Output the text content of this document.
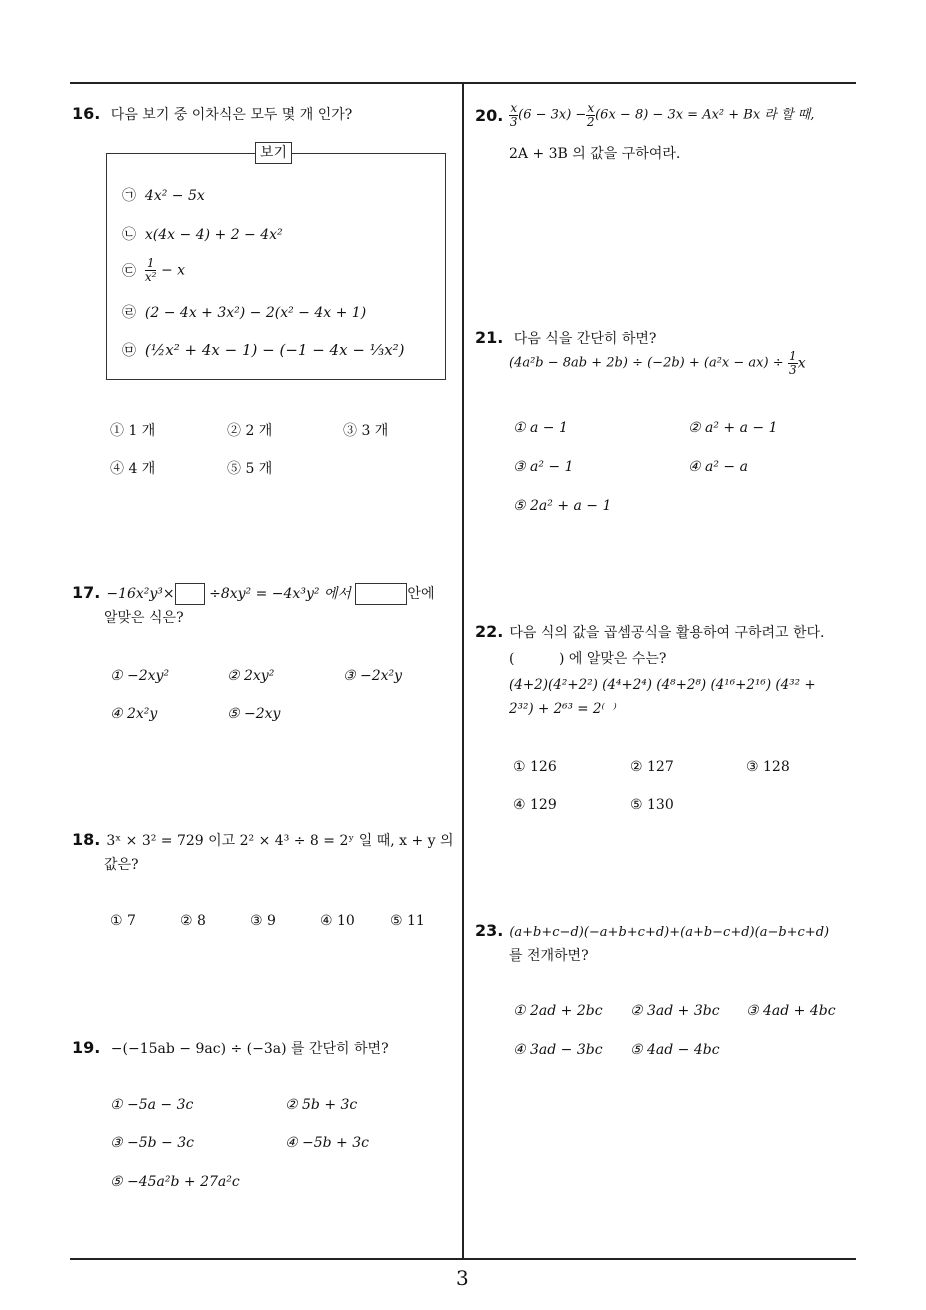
16. 다음 보기 중 이차식은 모두 몇 개 인가?
보기
㉠ 4x² − 5x
㉡ x(4x − 4) + 2 − 4x²
㉢ $\frac{1}{\text{x²}} - x$
㉣ (2 − 4x + 3x²) − 2(x² − 4x + 1)
㉤ (½x² + 4x − 1) − (−1 − 4x − ⅓x²)
① 1 개	② 2 개	③ 3 개
④ 4 개	⑤ 5 개
17. −16x²y³× ÷8xy² = −4x³y² 에서	안에
알맞은 식은?
① −2xy²	② 2xy²	③ −2x²y
④ 2x²y	⑤ −2xy
18. 3ˣ × 3² = 729 이고 2² × 4³ ÷ 8 = 2ʸ 일 때, x + y 의
값은?
① 7	② 8	③ 9	④ 10	⑤ 11
19. −(−15ab − 9ac) ÷ (−3a) 를 간단히 하면?
① −5a − 3c	② 5b + 3c
③ −5b − 3c	④ −5b + 3c
⑤ −45a²b + 27a²c
20. $\frac{x}{3} (6 - 3x) - \frac{x}{2} (6x - 8) - 3x = Ax^2 + Bx$ 라 할 때,
2A + 3B 의 값을 구하여라.
21. 다음 식을 간단히 하면?
$(4a^2b - 8ab + 2b) \div (-2b) + (a^2x - ax) \div \frac{1}{3}$ x
① a − 1	② a² + a − 1
③ a² − 1	④ a² − a
⑤ 2a² + a − 1
22. 다음 식의 값을 곱셈공식을 활용하여 구하려고 한다.
(          ) 에 알맞은 수는?
(4+2)(4²+2²) (4⁴+2⁴) (4⁸+2⁸) (4¹⁶+2¹⁶) (4³² +
2³²) + 2⁶³ = 2⁽  ⁾
① 126	② 127	③ 128
④ 129	⑤ 130
23. (a+b+c−d)(−a+b+c+d)+(a+b−c+d)(a−b+c+d)
를 전개하면?
① 2ad + 2bc ② 3ad + 3bc ③ 4ad + 4bc
④ 3ad − 3bc ⑤ 4ad − 4bc
3
